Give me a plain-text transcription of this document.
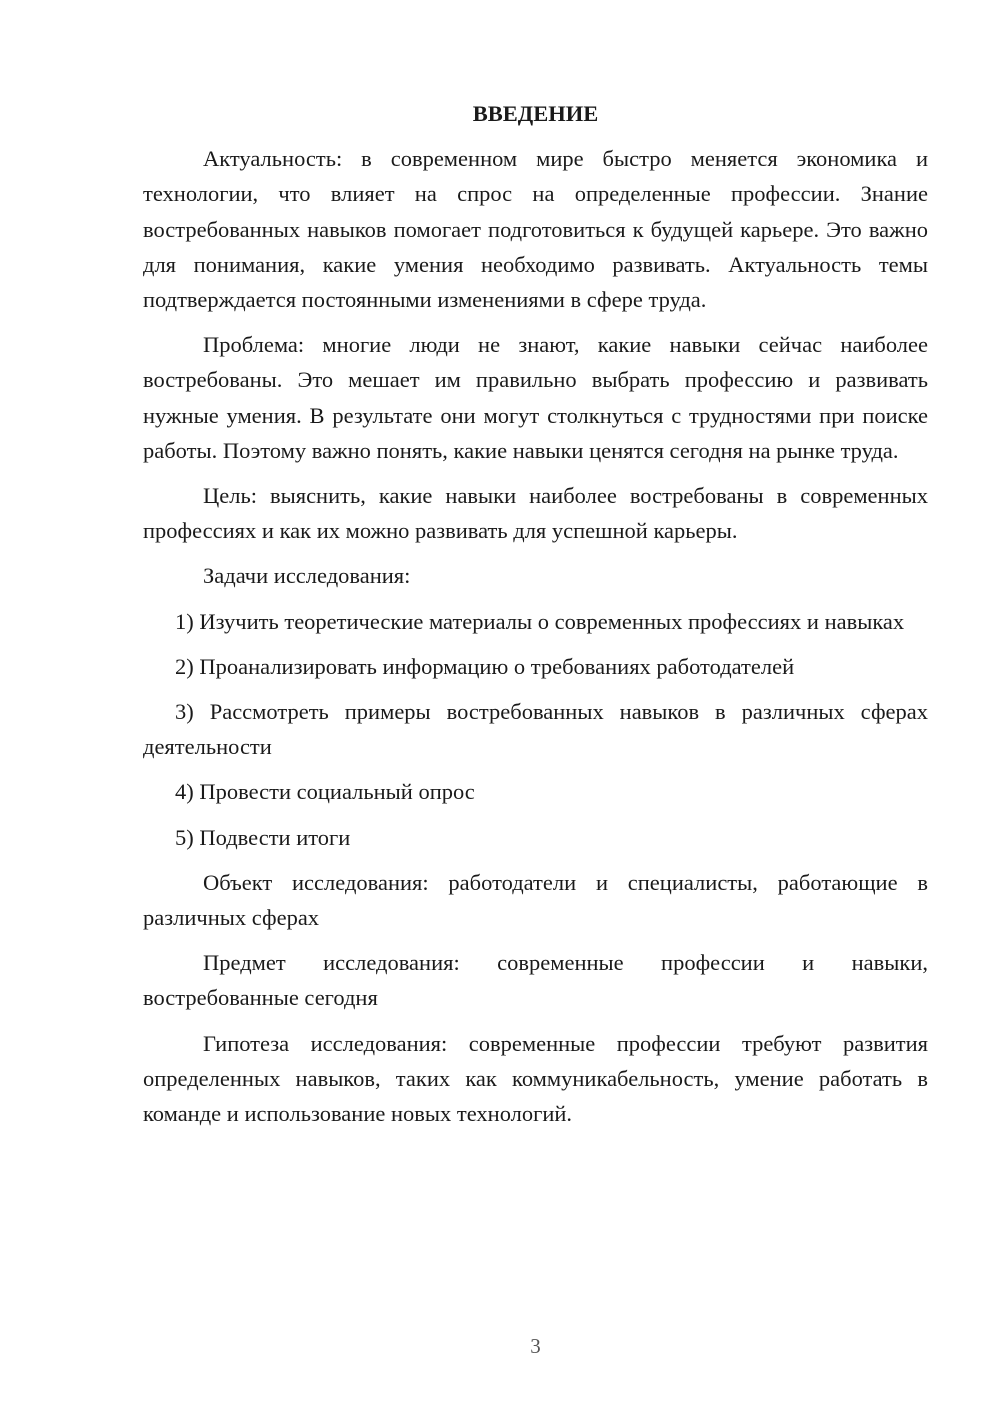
ВВЕДЕНИЕ

Актуальность: в современном мире быстро меняется экономика и технологии, что влияет на спрос на определенные профессии. Знание востребованных навыков помогает подготовиться к будущей карьере. Это важно для понимания, какие умения необходимо развивать. Актуальность темы подтверждается постоянными изменениями в сфере труда.

Проблема: многие люди не знают, какие навыки сейчас наиболее востребованы. Это мешает им правильно выбрать профессию и развивать нужные умения. В результате они могут столкнуться с трудностями при поиске работы. Поэтому важно понять, какие навыки ценятся сегодня на рынке труда.

Цель: выяснить, какие навыки наиболее востребованы в современных профессиях и как их можно развивать для успешной карьеры.

Задачи исследования:

1) Изучить теоретические материалы о современных профессиях и навыках

2) Проанализировать информацию о требованиях работодателей

3) Рассмотреть примеры востребованных навыков в различных сферах деятельности

4) Провести социальный опрос

5) Подвести итоги

Объект исследования: работодатели и специалисты, работающие в различных сферах

Предмет исследования: современные профессии и навыки, востребованные сегодня

Гипотеза исследования: современные профессии требуют развития определенных навыков, таких как коммуникабельность, умение работать в команде и использование новых технологий.

3
